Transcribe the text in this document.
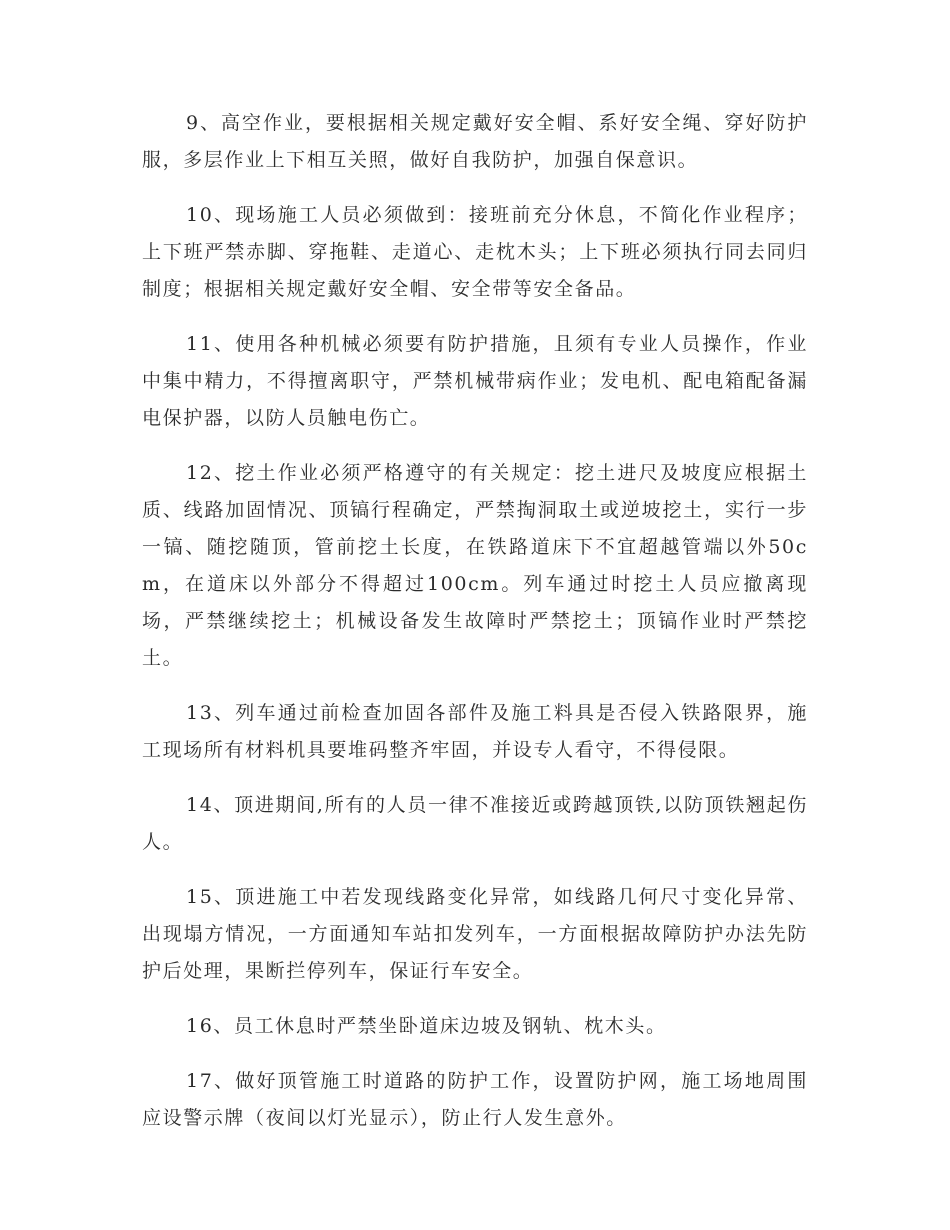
9、高空作业，要根据相关规定戴好安全帽、系好安全绳、穿好防护服，多层作业上下相互关照，做好自我防护，加强自保意识。

10、现场施工人员必须做到：接班前充分休息，不简化作业程序；上下班严禁赤脚、穿拖鞋、走道心、走枕木头；上下班必须执行同去同归制度；根据相关规定戴好安全帽、安全带等安全备品。

11、使用各种机械必须要有防护措施，且须有专业人员操作，作业中集中精力，不得擅离职守，严禁机械带病作业；发电机、配电箱配备漏电保护器，以防人员触电伤亡。

12、挖土作业必须严格遵守的有关规定：挖土进尺及坡度应根据土质、线路加固情况、顶镐行程确定，严禁掏洞取土或逆坡挖土，实行一步一镐、随挖随顶，管前挖土长度，在铁路道床下不宜超越管端以外50cm，在道床以外部分不得超过100cm。列车通过时挖土人员应撤离现场，严禁继续挖土；机械设备发生故障时严禁挖土；顶镐作业时严禁挖土。

13、列车通过前检查加固各部件及施工料具是否侵入铁路限界，施工现场所有材料机具要堆码整齐牢固，并设专人看守，不得侵限。

14、顶进期间,所有的人员一律不准接近或跨越顶铁,以防顶铁翘起伤人。

15、顶进施工中若发现线路变化异常，如线路几何尺寸变化异常、出现塌方情况，一方面通知车站扣发列车，一方面根据故障防护办法先防护后处理，果断拦停列车，保证行车安全。

16、员工休息时严禁坐卧道床边坡及钢轨、枕木头。

17、做好顶管施工时道路的防护工作，设置防护网，施工场地周围应设警示牌（夜间以灯光显示），防止行人发生意外。
